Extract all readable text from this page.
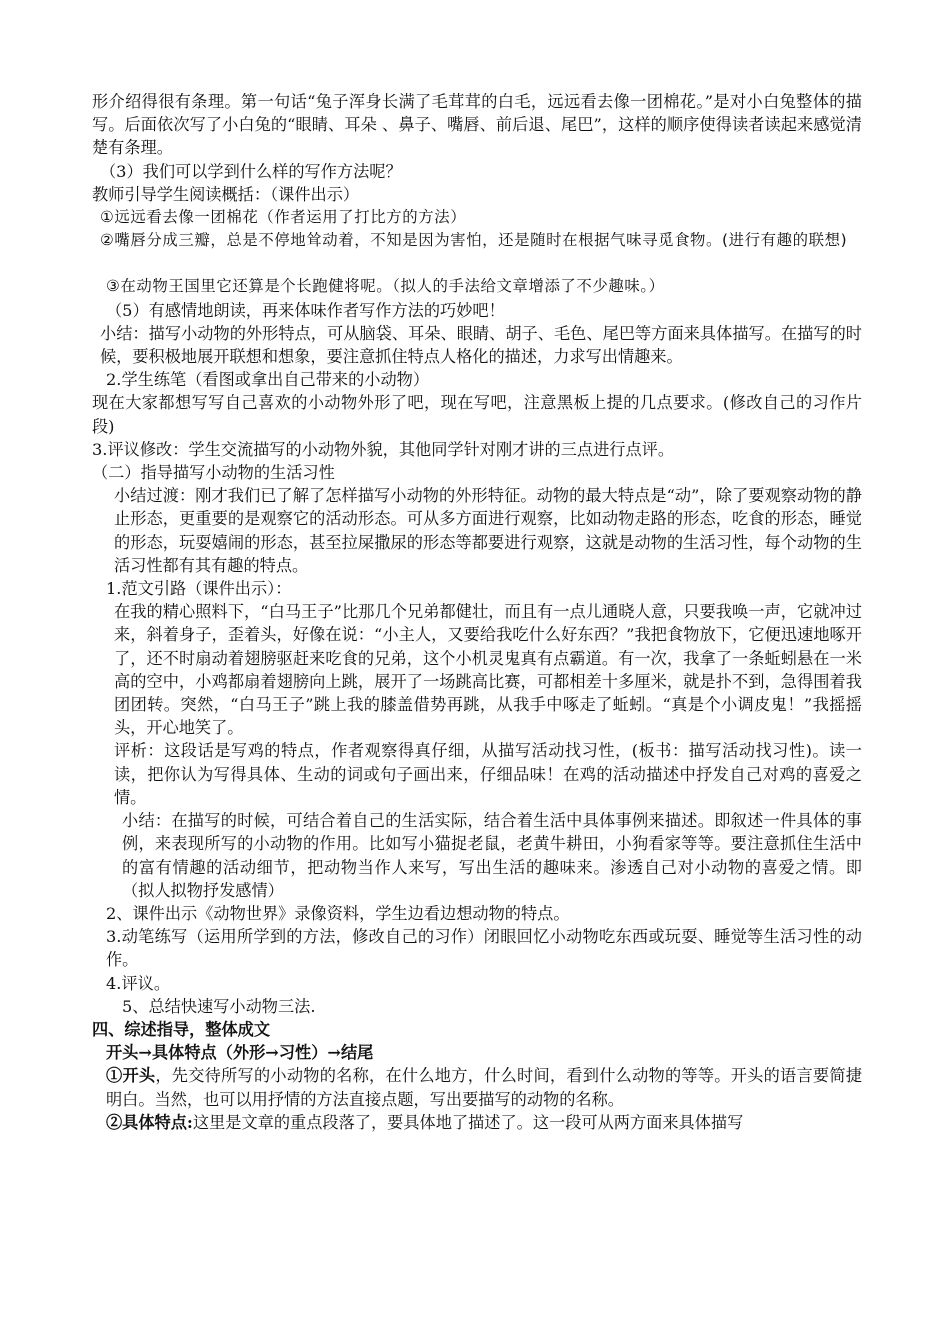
形介绍得很有条理。第一句话“兔子浑身长满了毛茸茸的白毛，远远看去像一团棉花。”是对小白兔整体的描写。后面依次写了小白兔的“眼睛、耳朵 、鼻子、嘴唇、前后退、尾巴”，这样的顺序使得读者读起来感觉清楚有条理。

（3）我们可以学到什么样的写作方法呢？

教师引导学生阅读概括：（课件出示）

①远远看去像一团棉花（作者运用了打比方的方法）

②嘴唇分成三瓣，总是不停地耸动着，不知是因为害怕，还是随时在根据气味寻觅食物。(进行有趣的联想)

③在动物王国里它还算是个长跑健将呢。（拟人的手法给文章增添了不少趣味。）

（5）有感情地朗读，再来体味作者写作方法的巧妙吧！

小结：描写小动物的外形特点，可从脑袋、耳朵、眼睛、胡子、毛色、尾巴等方面来具体描写。在描写的时候，要积极地展开联想和想象，要注意抓住特点人格化的描述，力求写出情趣来。

2.学生练笔（看图或拿出自己带来的小动物）

现在大家都想写写自己喜欢的小动物外形了吧，现在写吧，注意黑板上提的几点要求。(修改自己的习作片段)

3.评议修改：学生交流描写的小动物外貌，其他同学针对刚才讲的三点进行点评。

（二）指导描写小动物的生活习性

小结过渡：刚才我们已了解了怎样描写小动物的外形特征。动物的最大特点是“动”，除了要观察动物的静止形态，更重要的是观察它的活动形态。可从多方面进行观察，比如动物走路的形态，吃食的形态，睡觉的形态，玩耍嬉闹的形态，甚至拉屎撒尿的形态等都要进行观察，这就是动物的生活习性，每个动物的生活习性都有其有趣的特点。

1.范文引路（课件出示）：

在我的精心照料下，“白马王子”比那几个兄弟都健壮，而且有一点儿通晓人意，只要我唤一声，它就冲过来，斜着身子，歪着头，好像在说：“小主人，又要给我吃什么好东西？”我把食物放下，它便迅速地啄开了，还不时扇动着翅膀驱赶来吃食的兄弟，这个小机灵鬼真有点霸道。有一次，我拿了一条蚯蚓悬在一米高的空中，小鸡都扇着翅膀向上跳，展开了一场跳高比赛，可都相差十多厘米，就是扑不到，急得围着我团团转。突然，“白马王子”跳上我的膝盖借势再跳，从我手中啄走了蚯蚓。“真是个小调皮鬼！”我摇摇头，开心地笑了。

评析：这段话是写鸡的特点，作者观察得真仔细，从描写活动找习性，(板书：描写活动找习性)。读一读，把你认为写得具体、生动的词或句子画出来，仔细品味！在鸡的活动描述中抒发自己对鸡的喜爱之情。

小结：在描写的时候，可结合着自己的生活实际，结合着生活中具体事例来描述。即叙述一件具体的事例，来表现所写的小动物的作用。比如写小猫捉老鼠，老黄牛耕田，小狗看家等等。要注意抓住生活中的富有情趣的活动细节，把动物当作人来写，写出生活的趣味来。渗透自己对小动物的喜爱之情。即（拟人拟物抒发感情）

2、课件出示《动物世界》录像资料，学生边看边想动物的特点。

3.动笔练写（运用所学到的方法，修改自己的习作）闭眼回忆小动物吃东西或玩耍、睡觉等生活习性的动作。

4.评议。

5、总结快速写小动物三法.

四、综述指导，整体成文

开头→具体特点（外形→习性）→结尾

①开头，先交待所写的小动物的名称，在什么地方，什么时间，看到什么动物的等等。开头的语言要简捷明白。当然，也可以用抒情的方法直接点题，写出要描写的动物的名称。

②具体特点:这里是文章的重点段落了，要具体地了描述了。这一段可从两方面来具体描写
